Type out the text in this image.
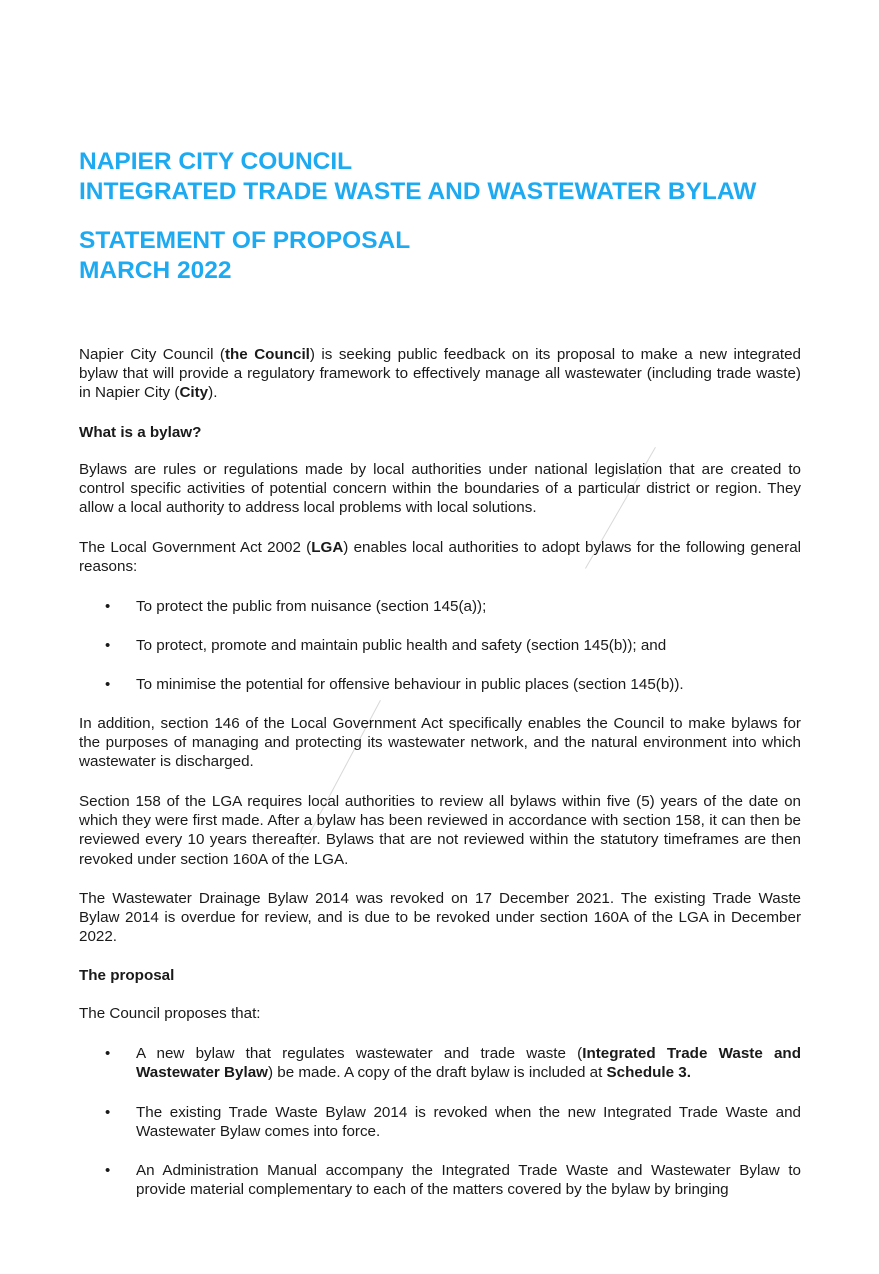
NAPIER CITY COUNCIL
INTEGRATED TRADE WASTE AND WASTEWATER BYLAW
STATEMENT OF PROPOSAL
MARCH 2022

Napier City Council (the Council) is seeking public feedback on its proposal to make a new integrated bylaw that will provide a regulatory framework to effectively manage all wastewater (including trade waste) in Napier City (City).

What is a bylaw?

Bylaws are rules or regulations made by local authorities under national legislation that are created to control specific activities of potential concern within the boundaries of a particular district or region. They allow a local authority to address local problems with local solutions.

The Local Government Act 2002 (LGA) enables local authorities to adopt bylaws for the following general reasons:

• To protect the public from nuisance (section 145(a));
• To protect, promote and maintain public health and safety (section 145(b)); and
• To minimise the potential for offensive behaviour in public places (section 145(b)).

In addition, section 146 of the Local Government Act specifically enables the Council to make bylaws for the purposes of managing and protecting its wastewater network, and the natural environment into which wastewater is discharged.

Section 158 of the LGA requires local authorities to review all bylaws within five (5) years of the date on which they were first made. After a bylaw has been reviewed in accordance with section 158, it can then be reviewed every 10 years thereafter. Bylaws that are not reviewed within the statutory timeframes are then revoked under section 160A of the LGA.

The Wastewater Drainage Bylaw 2014 was revoked on 17 December 2021. The existing Trade Waste Bylaw 2014 is overdue for review, and is due to be revoked under section 160A of the LGA in December 2022.

The proposal

The Council proposes that:

• A new bylaw that regulates wastewater and trade waste (Integrated Trade Waste and Wastewater Bylaw) be made. A copy of the draft bylaw is included at Schedule 3.
• The existing Trade Waste Bylaw 2014 is revoked when the new Integrated Trade Waste and Wastewater Bylaw comes into force.
• An Administration Manual accompany the Integrated Trade Waste and Wastewater Bylaw to provide material complementary to each of the matters covered by the bylaw by bringing
